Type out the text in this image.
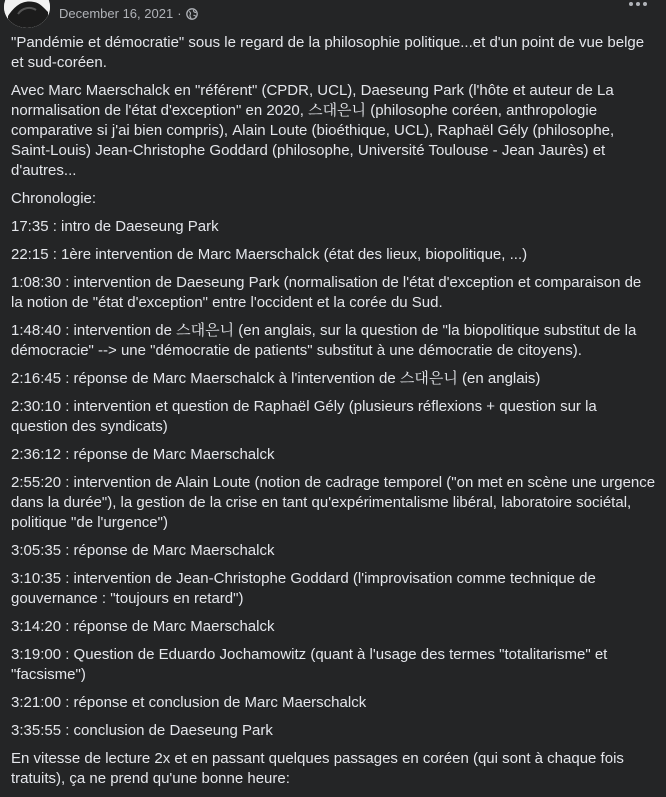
December 16, 2021 ·

"Pandémie et démocratie" sous le regard de la philosophie politique...et d'un point de vue belge et sud-coréen.

Avec Marc Maerschalck en "référent" (CPDR, UCL), Daeseung Park (l'hôte et auteur de La normalisation de l'état d'exception" en 2020, 스대은니 (philosophe coréen, anthropologie comparative si j'ai bien compris), Alain Loute (bioéthique, UCL), Raphaël Gély (philosophe, Saint-Louis) Jean-Christophe Goddard (philosophe, Université Toulouse - Jean Jaurès) et d'autres...

Chronologie:

17:35 : intro de Daeseung Park

22:15 : 1ère intervention de Marc Maerschalck (état des lieux, biopolitique, ...)

1:08:30 : intervention de Daeseung Park (normalisation de l'état d'exception et comparaison de la notion de "état d'exception" entre l'occident et la corée du Sud.

1:48:40 : intervention de 스대은니 (en anglais, sur la question de "la biopolitique substitut de la démocracie" --> une "démocratie de patients" substitut à une démocratie de citoyens).

2:16:45 : réponse de Marc Maerschalck à l'intervention de 스대은니 (en anglais)

2:30:10 : intervention et question de Raphaël Gély (plusieurs réflexions + question sur la question des syndicats)

2:36:12 : réponse de Marc Maerschalck

2:55:20 : intervention de Alain Loute (notion de cadrage temporel ("on met en scène une urgence dans la durée"), la gestion de la crise en tant qu'expérimentalisme libéral, laboratoire sociétal, politique "de l'urgence")

3:05:35 : réponse de Marc Maerschalck

3:10:35 : intervention de Jean-Christophe Goddard (l'improvisation comme technique de gouvernance : "toujours en retard")

3:14:20 : réponse de Marc Maerschalck

3:19:00 : Question de Eduardo Jochamowitz (quant à l'usage des termes "totalitarisme" et "facsisme")

3:21:00 : réponse et conclusion de Marc Maerschalck

3:35:55 : conclusion de Daeseung Park

En vitesse de lecture 2x et en passant quelques passages en coréen (qui sont à chaque fois tratuits), ça ne prend qu'une bonne heure:
